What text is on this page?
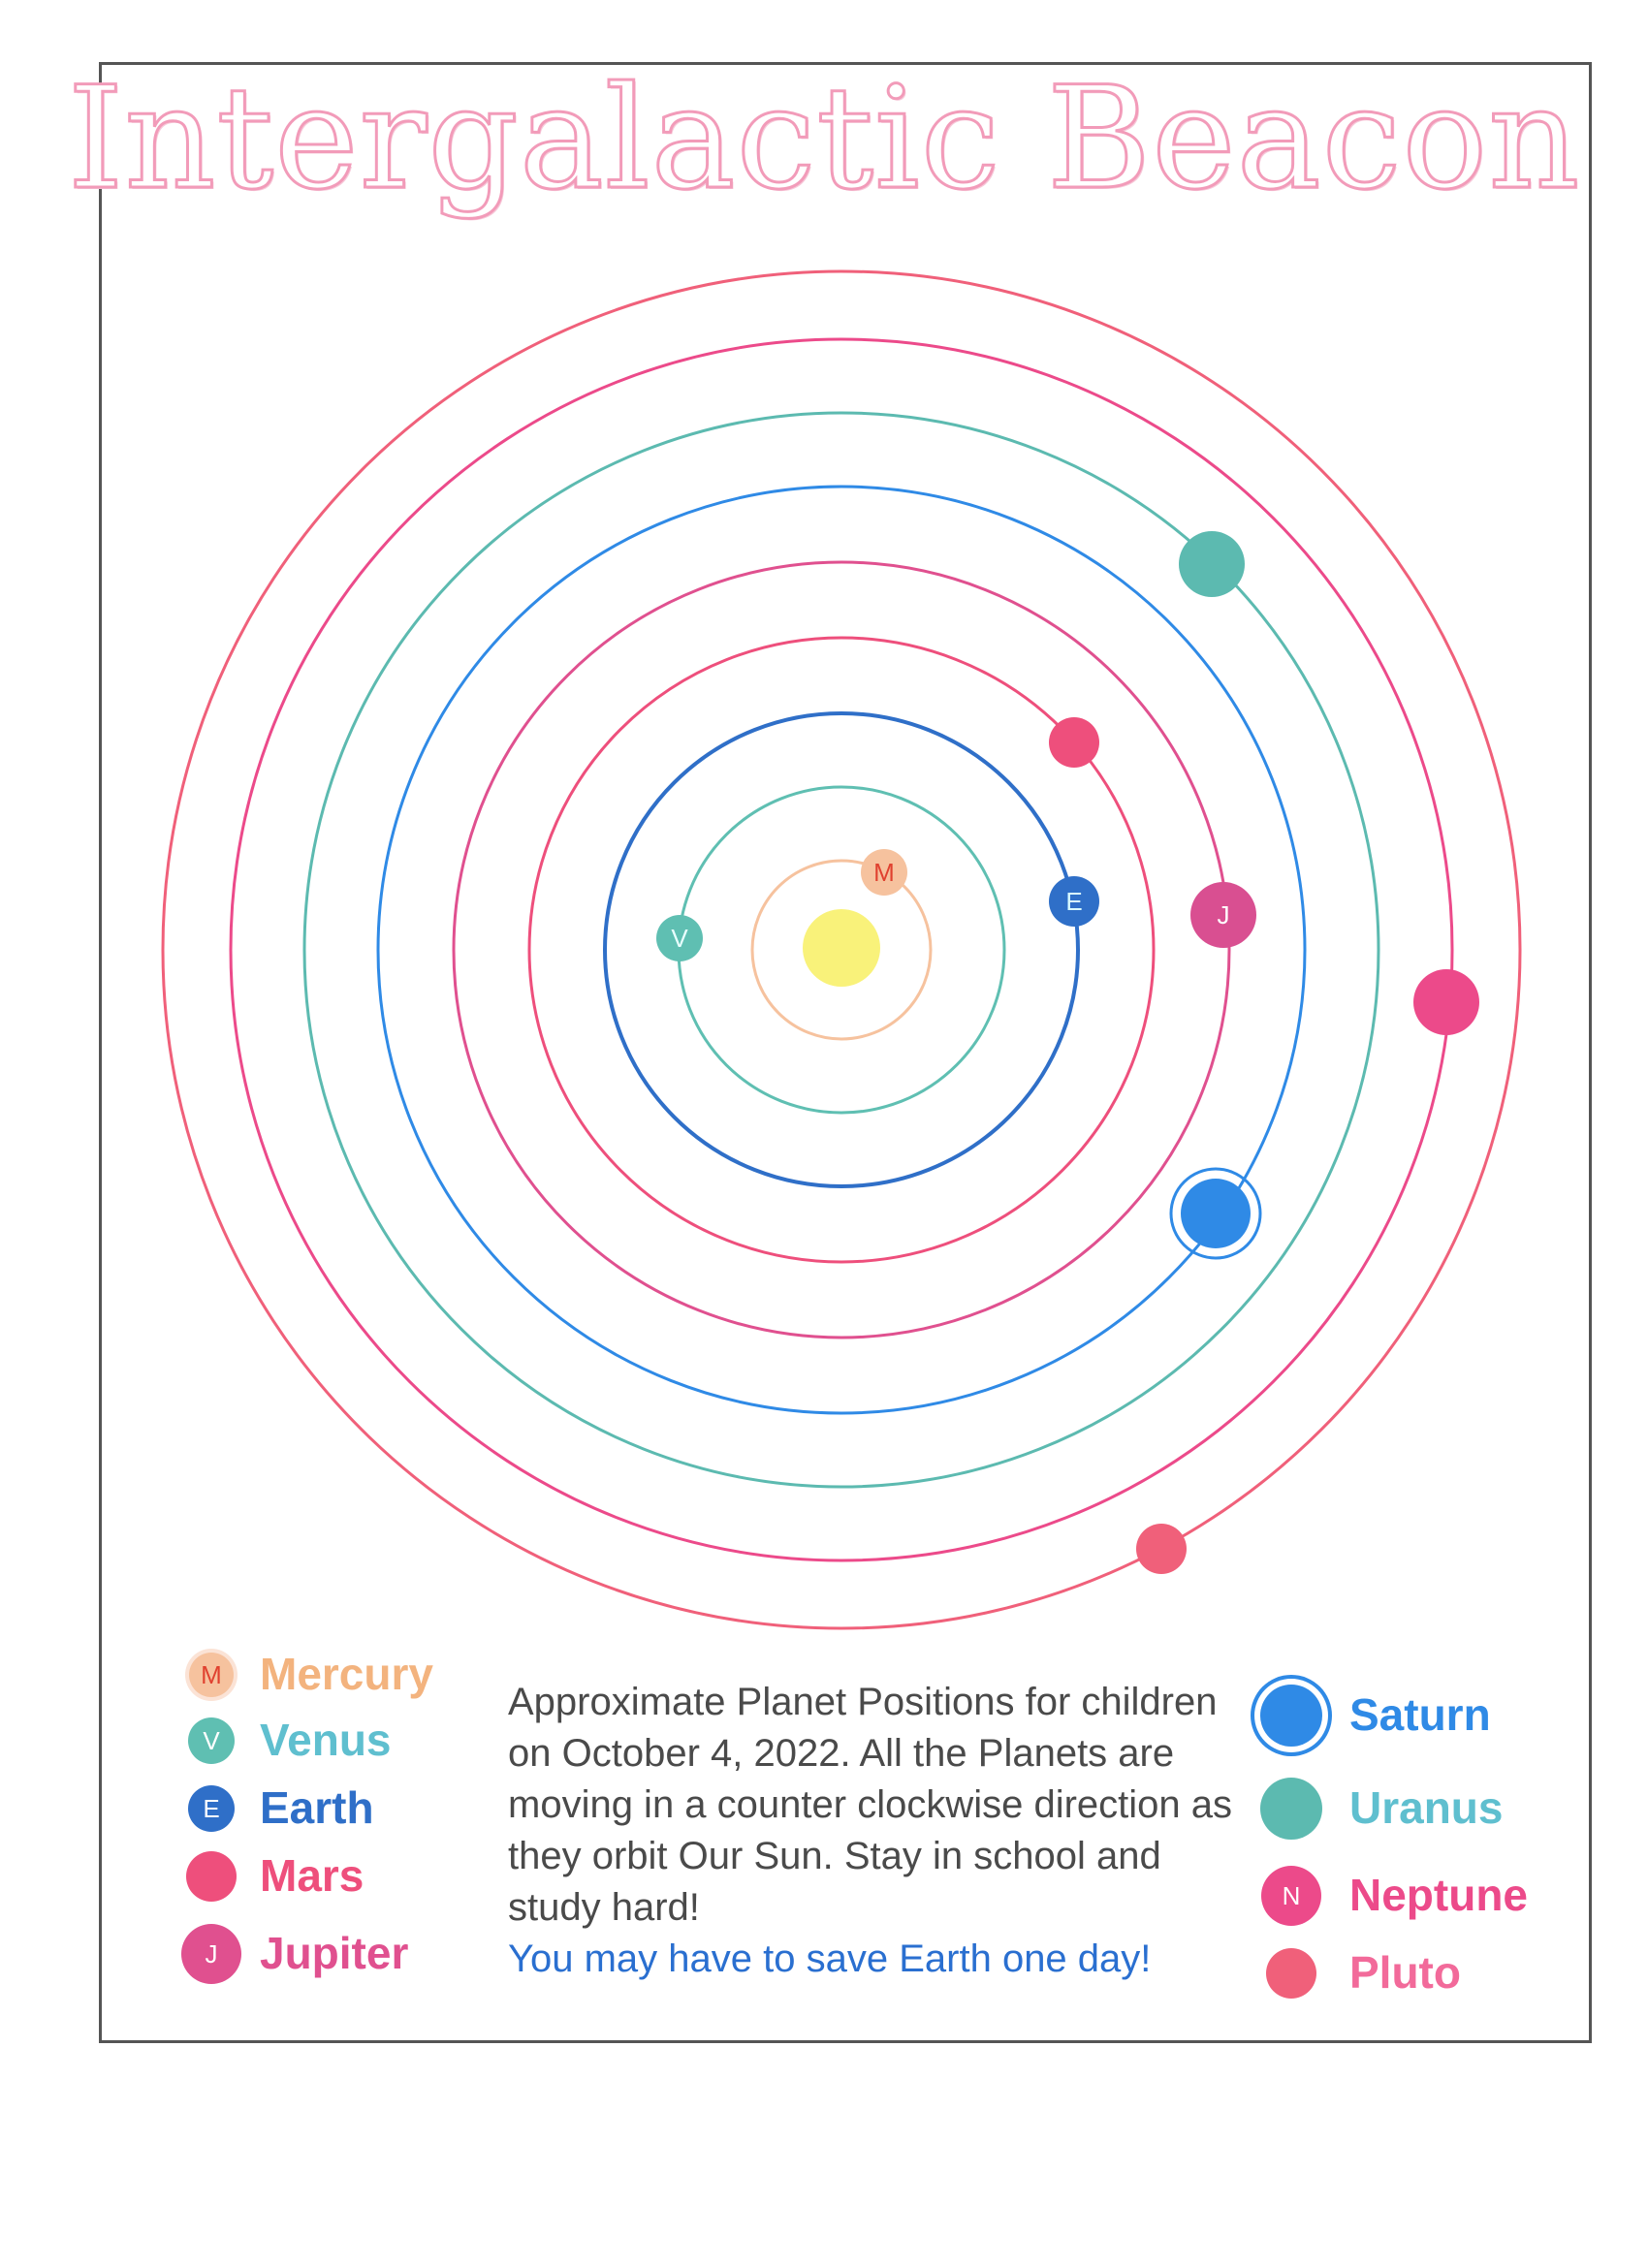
Intergalactic Beacon
M
V
E	J
M Mercury
V Venus
E Earth
Mars
J Jupiter
Saturn
Uranus
N	Neptune
Pluto
Approximate Planet Positions for children on October 4, 2022. All the Planets are moving in a counter clockwise direction as they orbit Our Sun. Stay in school and study hard!
You may have to save Earth one day!
